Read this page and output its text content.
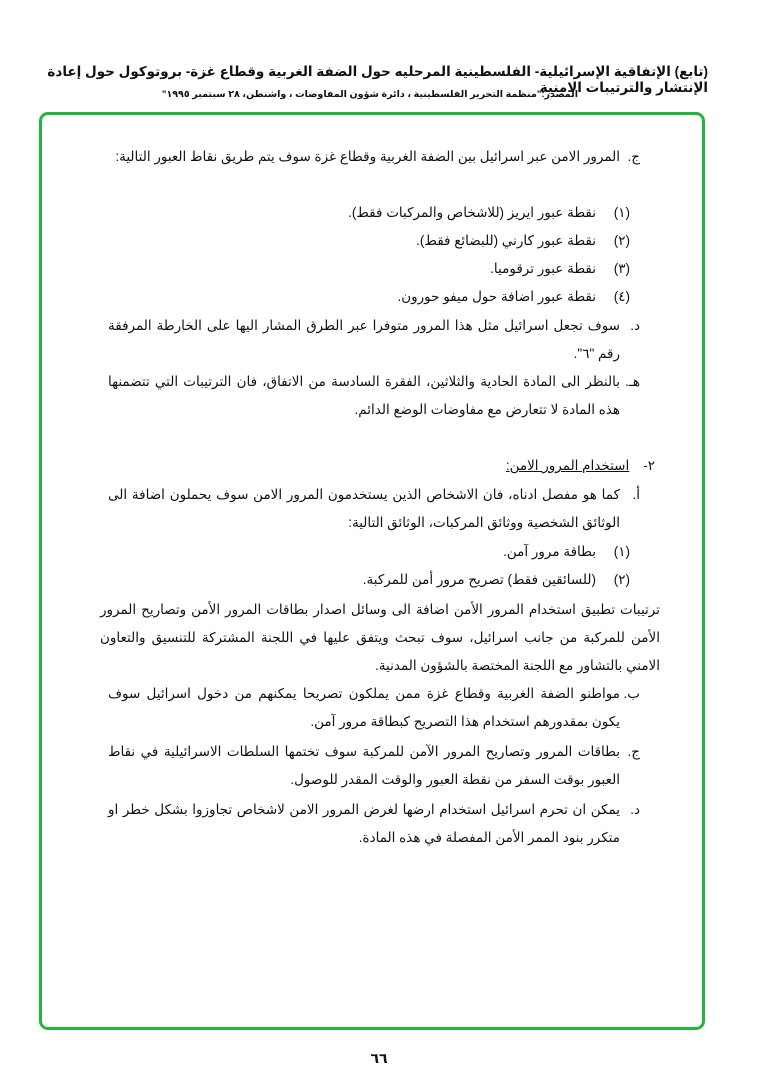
(تابع) الإتفاقية الإسرائيلية- الفلسطينية المرحليه حول الضفة الغربية وقطاع غزة- بروتوكول حول إعادة الإنتشار والترتيبات الامنية
المصدر:"منظمة التحرير الفلسطينية ، دائرة شؤون المفاوضات ، واشنطن، ٢٨ سبتمبر ١٩٩٥"
ج.
المرور الامن عبر اسرائيل بين الضفة الغربية وقطاع غزة سوف يتم طريق نقاط العبور التالية:
(١)نقطة عبور ايريز (للاشخاص والمركبات فقط).
(٢)نقطة عبور كارني (للبضائع فقط).
(٣)نقطة عبور ترقوميا.
(٤)نقطة عبور اضافة حول ميفو حورون.
د.
سوف تجعل اسرائيل مثل هذا المرور متوفرا عبر الطرق المشار اليها على الخارطة المرفقة رقم "٦".
هـ.
بالنظر الى المادة الحادية والثلاثين، الفقرة السادسة من الاتفاق، فان الترتيبات التي تتضمنها هذه المادة لا تتعارض مع مفاوضات الوضع الدائم.
٢-استخدام المرور الامن:
أ.
كما هو مفصل ادناه، فان الاشخاص الذين يستخدمون المرور الامن سوف يحملون اضافة الى الوثائق الشخصية ووثائق المركبات، الوثائق التالية:
(١)بطاقة مرور آمن.
(٢)(للسائقين فقط) تصريح مرور أمن للمركبة.
ترتيبات تطبيق استخدام المرور الأمن اضافة الى وسائل اصدار بطاقات المرور الأمن وتصاريح المرور الأمن للمركبة من جانب اسرائيل، سوف تبحث ويتفق عليها في اللجنة المشتركة للتنسيق والتعاون الامني بالتشاور مع اللجنة المختصة بالشؤون المدنية.
ب.
مواطنو الضفة الغربية وقطاع غزة ممن يملكون تصريحا يمكنهم من دخول اسرائيل سوف يكون بمقدورهم استخدام هذا التصريح كبطاقة مرور آمن.
ج.
بطاقات المرور وتصاريح المرور الآمن للمركبة سوف تختمها السلطات الاسرائيلية في نقاط العبور بوقت السفر من نقطة العبور والوقت المقدر للوصول.
د.
يمكن ان تحرم اسرائيل استخدام ارضها لغرض المرور الامن لاشخاص تجاوزوا بشكل خطر او متكرر بنود الممر الأمن المفصلة في هذه المادة.
٦٦
